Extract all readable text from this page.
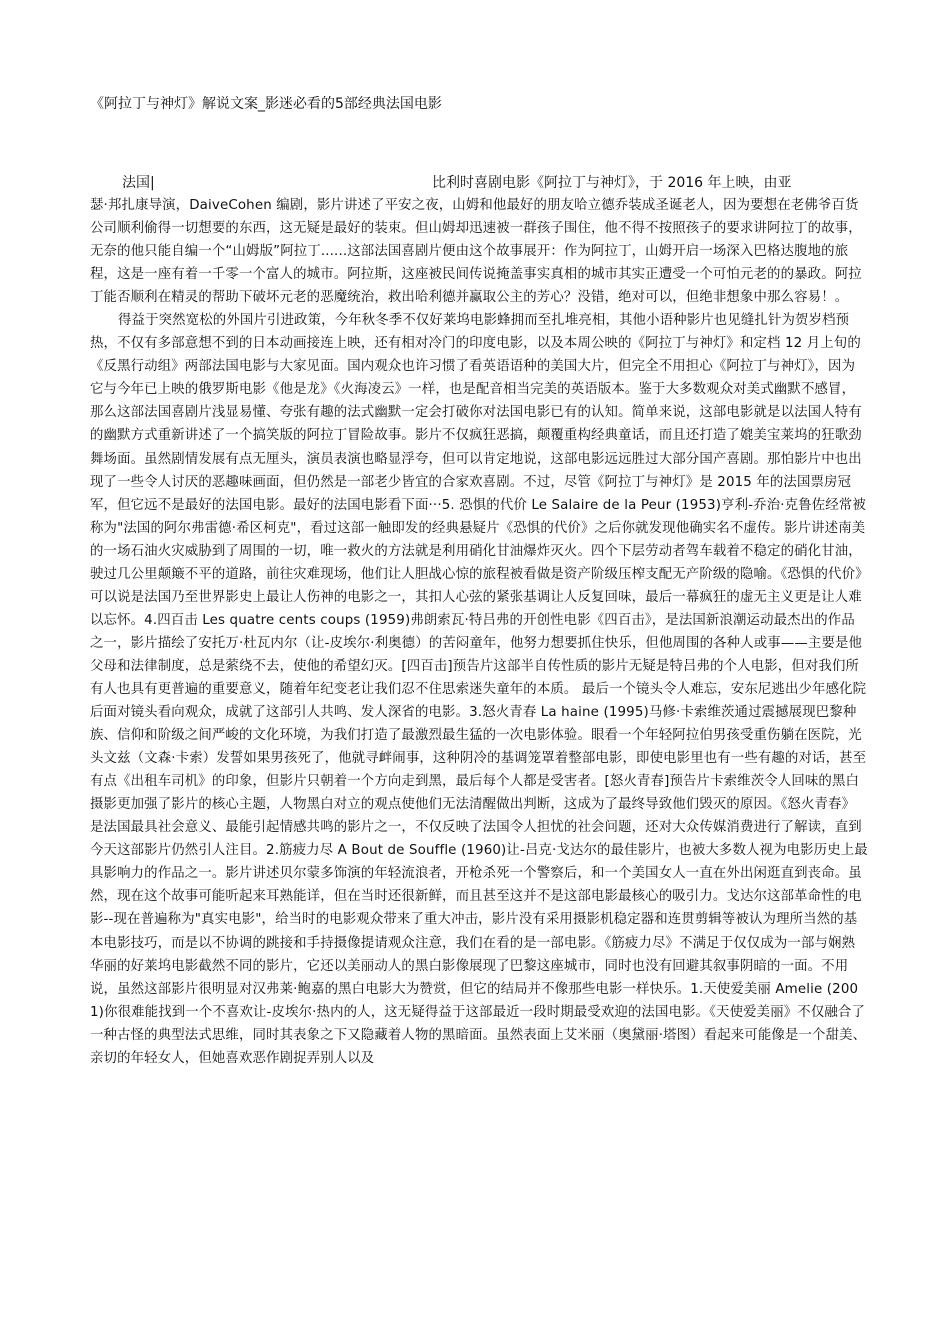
《阿拉丁与神灯》解说文案_影迷必看的5部经典法国电影
法国|	比利时喜剧电影《阿拉丁与神灯》，于 2016 年上映，由亚

瑟·邦扎康导演，DaiveCohen 编剧，影片讲述了平安之夜，山姆和他最好的朋友哈立德乔装成圣诞老人，因为要想在老佛爷百货公司顺利偷得一切想要的东西，这无疑是最好的装束。但山姆却迅速被一群孩子围住，他不得不按照孩子的要求讲阿拉丁的故事，无奈的他只能自编一个“山姆版”阿拉丁......这部法国喜剧片便由这个故事展开：作为阿拉丁，山姆开启一场深入巴格达腹地的旅程，这是一座有着一千零一个富人的城市。阿拉斯，这座被民间传说掩盖事实真相的城市其实正遭受一个可怕元老的的暴政。阿拉丁能否顺利在精灵的帮助下破坏元老的恶魔统治，救出哈利德并赢取公主的芳心？没错，绝对可以，但绝非想象中那么容易！。

得益于突然宽松的外国片引进政策，今年秋冬季不仅好莱坞电影蜂拥而至扎堆亮相，其他小语种影片也见缝扎针为贺岁档预热，不仅有多部意想不到的日本动画接连上映，还有相对冷门的印度电影，以及本周公映的《阿拉丁与神灯》和定档 12 月上旬的《反黑行动组》两部法国电影与大家见面。国内观众也许习惯了看英语语种的美国大片，但完全不用担心《阿拉丁与神灯》，因为它与今年已上映的俄罗斯电影《他是龙》《火海凌云》一样，也是配音相当完美的英语版本。鉴于大多数观众对美式幽默不感冒，那么这部法国喜剧片浅显易懂、夸张有趣的法式幽默一定会打破你对法国电影已有的认知。简单来说，这部电影就是以法国人特有的幽默方式重新讲述了一个搞笑版的阿拉丁冒险故事。影片不仅疯狂恶搞，颠覆重构经典童话，而且还打造了媲美宝莱坞的狂歌劲舞场面。虽然剧情发展有点无厘头，演员表演也略显浮夸，但可以肯定地说，这部电影远远胜过大部分国产喜剧。那怕影片中也出现了一些令人讨厌的恶趣味画面，但仍然是一部老少皆宜的合家欢喜剧。不过，尽管《阿拉丁与神灯》是 2015 年的法国票房冠军，但它远不是最好的法国电影。最好的法国电影看下面···5. 恐惧的代价 Le Salaire de la Peur (1953)亨利-乔治·克鲁佐经常被称为"法国的阿尔弗雷德·希区柯克"，看过这部一触即发的经典悬疑片《恐惧的代价》之后你就发现他确实名不虚传。影片讲述南美的一场石油火灾威胁到了周围的一切，唯一救火的方法就是利用硝化甘油爆炸灭火。四个下层劳动者驾车载着不稳定的硝化甘油，驶过几公里颠簸不平的道路，前往灾难现场，他们让人胆战心惊的旅程被看做是资产阶级压榨支配无产阶级的隐喻。《恐惧的代价》可以说是法国乃至世界影史上最让人伤神的电影之一，其扣人心弦的紧张基调让人反复回味，最后一幕疯狂的虚无主义更是让人难以忘怀。4.四百击 Les quatre cents coups (1959)弗朗索瓦·特吕弗的开创性电影《四百击》，是法国新浪潮运动最杰出的作品之一，影片描绘了安托万·杜瓦内尔（让-皮埃尔·利奥德）的苦闷童年，他努力想要抓住快乐，但他周围的各种人或事——主要是他父母和法律制度，总是萦绕不去，使他的希望幻灭。[四百击]预告片这部半自传性质的影片无疑是特吕弗的个人电影，但对我们所有人也具有更普遍的重要意义，随着年纪变老让我们忍不住思索迷失童年的本质。 最后一个镜头令人难忘，安东尼逃出少年感化院后面对镜头看向观众，成就了这部引人共鸣、发人深省的电影。3.怒火青春 La haine (1995)马修·卡索维茨通过震撼展现巴黎种族、信仰和阶级之间严峻的文化环境，为我们打造了最激烈最生猛的一次电影体验。眼看一个年轻阿拉伯男孩受重伤躺在医院，光头文兹（文森·卡索）发誓如果男孩死了，他就寻衅闹事，这种阴冷的基调笼罩着整部电影，即使电影里也有一些有趣的对话，甚至有点《出租车司机》的印象，但影片只朝着一个方向走到黑，最后每个人都是受害者。[怒火青春]预告片卡索维茨令人回味的黑白摄影更加强了影片的核心主题，人物黑白对立的观点使他们无法清醒做出判断，这成为了最终导致他们毁灭的原因。《怒火青春》是法国最具社会意义、最能引起情感共鸣的影片之一，不仅反映了法国令人担忧的社会问题，还对大众传媒消费进行了解读，直到今天这部影片仍然引人注目。2.筋疲力尽 A Bout de Souffle (1960)让-吕克·戈达尔的最佳影片，也被大多数人视为电影历史上最具影响力的作品之一。影片讲述贝尔蒙多饰演的年轻流浪者，开枪杀死一个警察后，和一个美国女人一直在外出闲逛直到丧命。虽然，现在这个故事可能听起来耳熟能详，但在当时还很新鲜，而且甚至这并不是这部电影最核心的吸引力。戈达尔这部革命性的电影--现在普遍称为"真实电影"，给当时的电影观众带来了重大冲击，影片没有采用摄影机稳定器和连贯剪辑等被认为理所当然的基本电影技巧，而是以不协调的跳接和手持摄像提请观众注意，我们在看的是一部电影。《筋疲力尽》不满足于仅仅成为一部与娴熟华丽的好莱坞电影截然不同的影片，它还以美丽动人的黑白影像展现了巴黎这座城市，同时也没有回避其叙事阴暗的一面。不用说，虽然这部影片很明显对汉弗莱·鲍嘉的黑白电影大为赞赏，但它的结局并不像那些电影一样快乐。1.天使爱美丽 Amelie (2001)你很难能找到一个不喜欢让-皮埃尔·热内的人，这无疑得益于这部最近一段时期最受欢迎的法国电影。《天使爱美丽》不仅融合了一种古怪的典型法式思维，同时其表象之下又隐藏着人物的黑暗面。虽然表面上艾米丽（奥黛丽·塔图）看起来可能像是一个甜美、亲切的年轻女人，但她喜欢恶作剧捉弄别人以及
